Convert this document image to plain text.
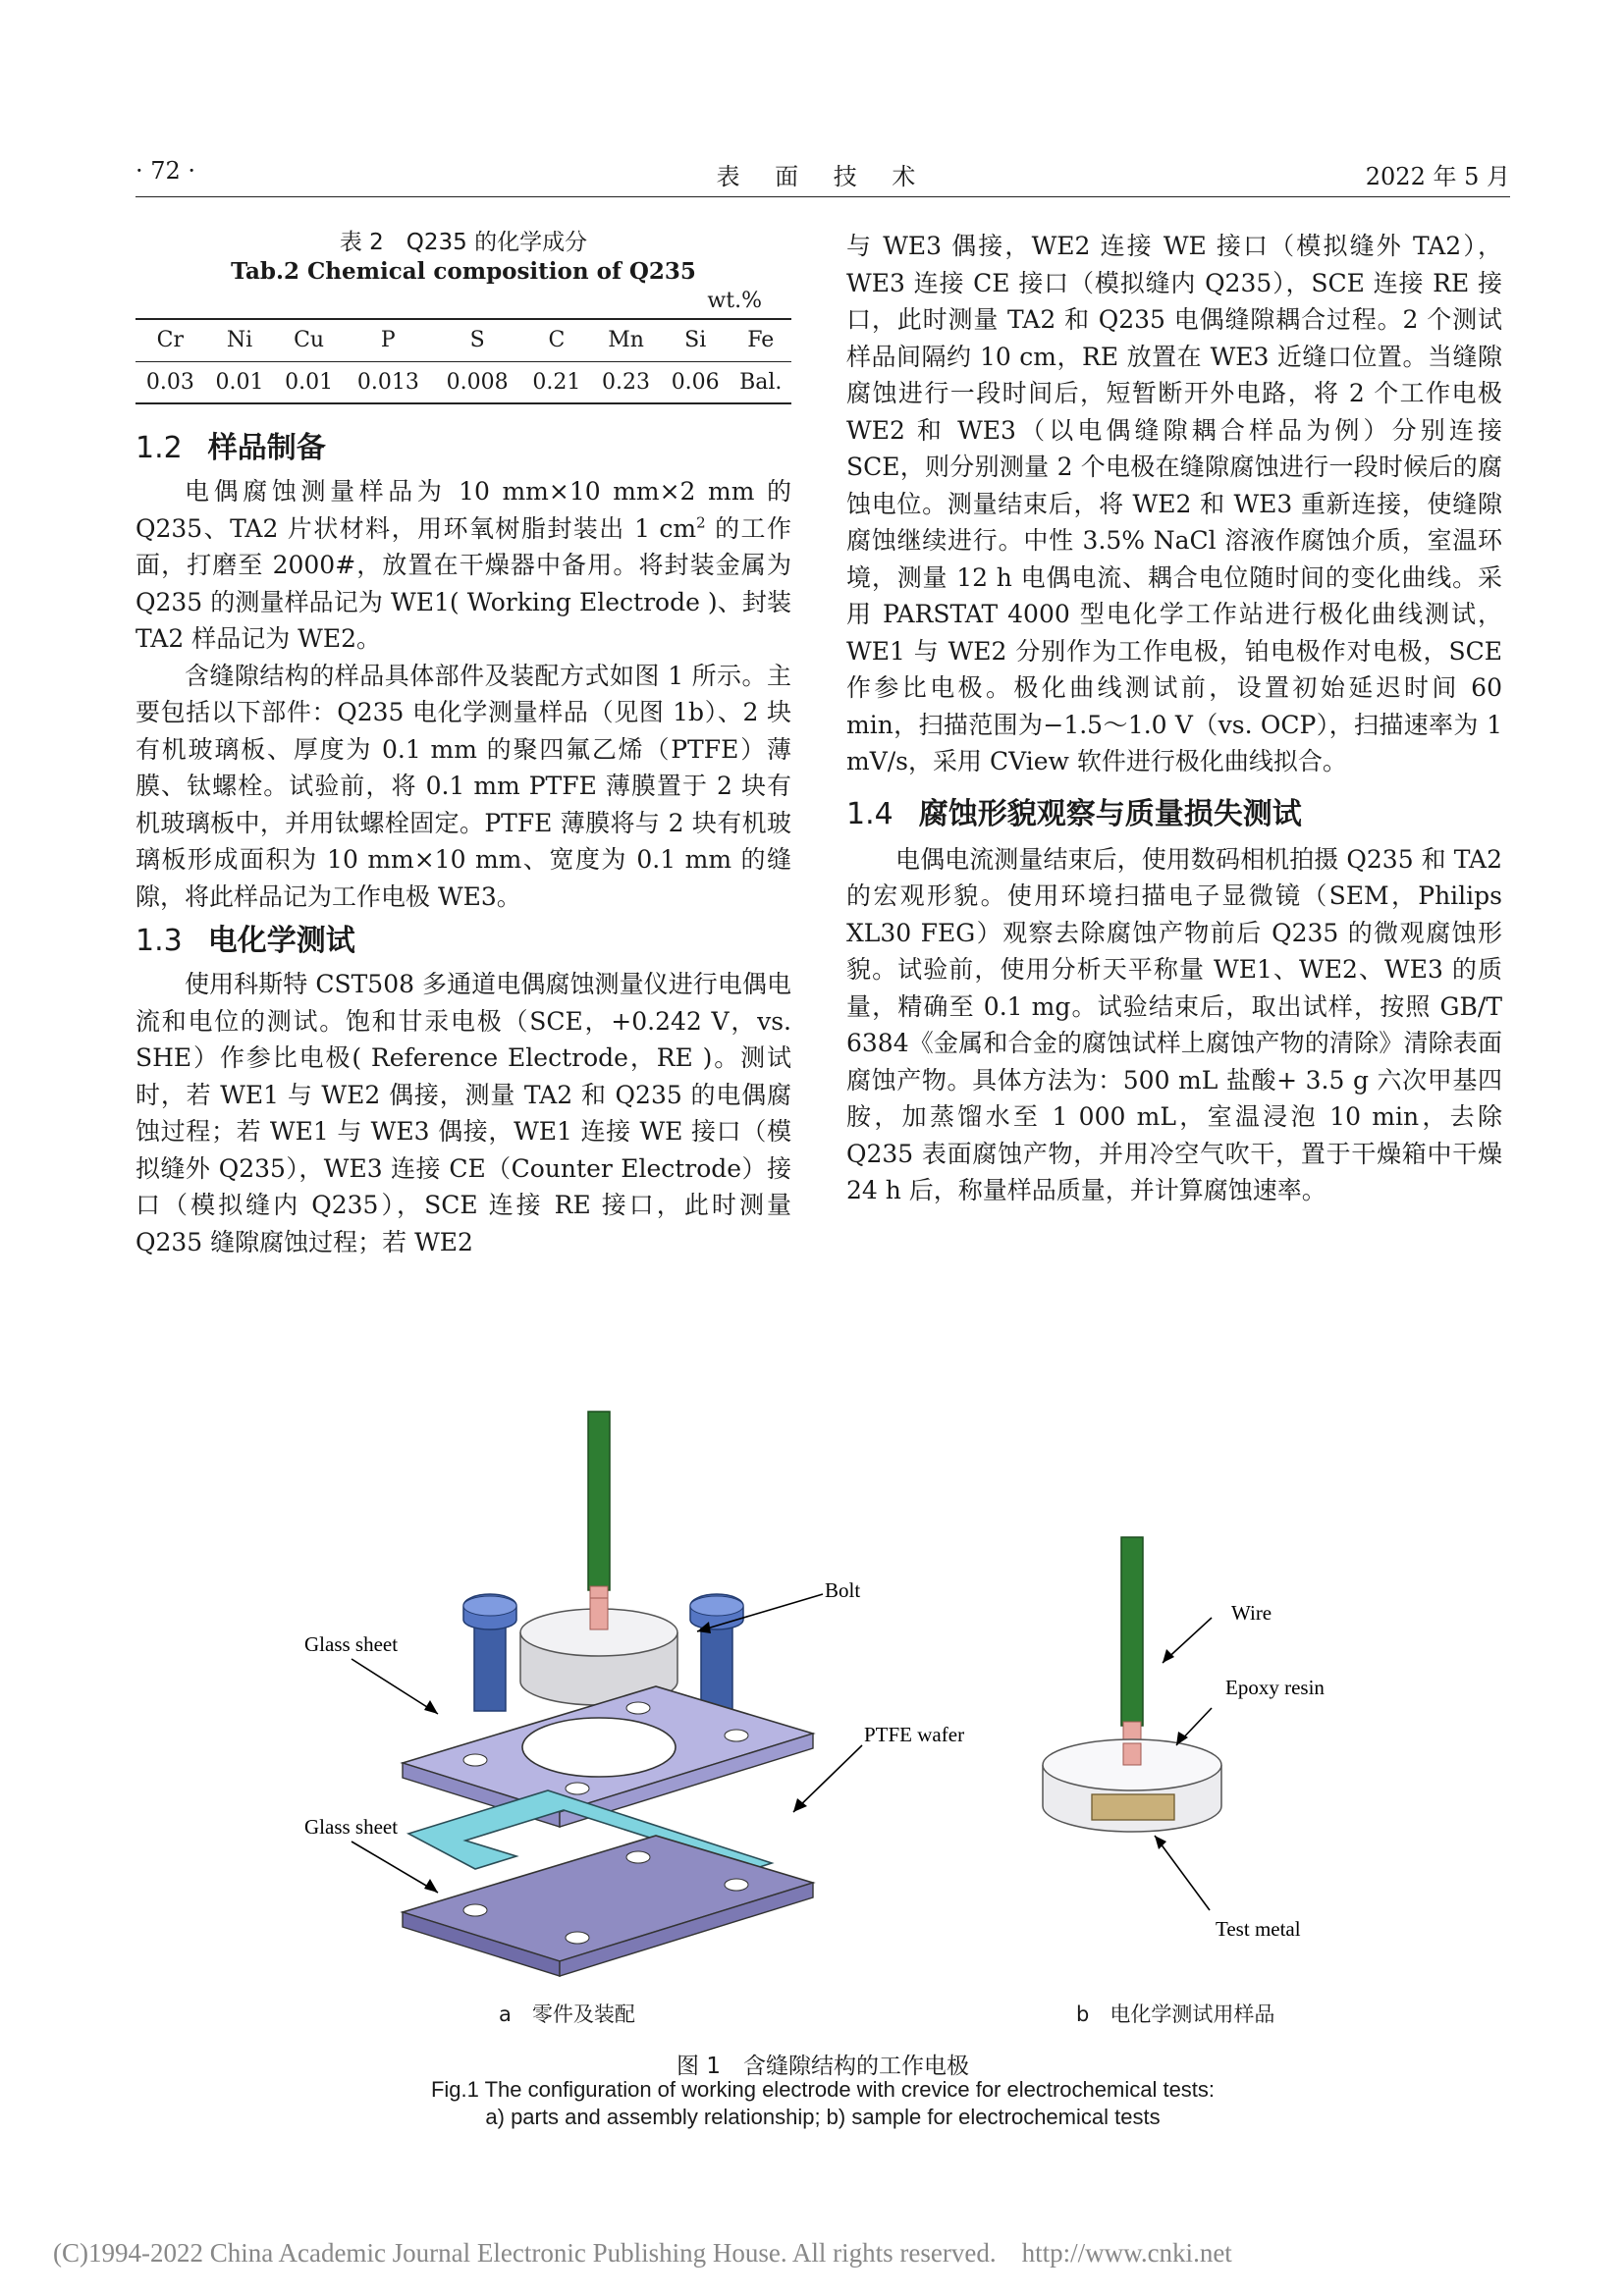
· 72 ·	表 面 技 术	2022 年 5 月
表 2　Q235 的化学成分
Tab.2 Chemical composition of Q235
wt.%
Cr	Ni	Cu	P	S	C	Mn	Si	Fe
0.03	0.01	0.01	0.013	0.008	0.21	0.23	0.06	Bal.
1.2 样品制备

电偶腐蚀测量样品为 10 mm×10 mm×2 mm 的 Q235、TA2 片状材料，用环氧树脂封装出 1 $cm^2$ 的工作面，打磨至 2000#，放置在干燥器中备用。将封装金属为 Q235 的测量样品记为 WE1( Working Electrode )、封装 TA2 样品记为 WE2。

含缝隙结构的样品具体部件及装配方式如图 1 所示。主要包括以下部件：Q235 电化学测量样品（见图 1b）、2 块有机玻璃板、厚度为 0.1 mm 的聚四氟乙烯（PTFE）薄膜、钛螺栓。试验前，将 0.1 mm PTFE 薄膜置于 2 块有机玻璃板中，并用钛螺栓固定。PTFE 薄膜将与 2 块有机玻璃板形成面积为 10 mm×10 mm、宽度为 0.1 mm 的缝隙，将此样品记为工作电极 WE3。

1.3 电化学测试

使用科斯特 CST508 多通道电偶腐蚀测量仪进行电偶电流和电位的测试。饱和甘汞电极（SCE，+0.242 V，vs. SHE）作参比电极( Reference Electrode，RE )。测试时，若 WE1 与 WE2 偶接，测量 TA2 和 Q235 的电偶腐蚀过程；若 WE1 与 WE3 偶接，WE1 连接 WE 接口（模拟缝外 Q235），WE3 连接 CE（Counter Electrode）接口（模拟缝内 Q235），SCE 连接 RE 接口，此时测量 Q235 缝隙腐蚀过程；若 WE2

与 WE3 偶接，WE2 连接 WE 接口（模拟缝外 TA2），WE3 连接 CE 接口（模拟缝内 Q235），SCE 连接 RE 接口，此时测量 TA2 和 Q235 电偶缝隙耦合过程。2 个测试样品间隔约 10 cm，RE 放置在 WE3 近缝口位置。当缝隙腐蚀进行一段时间后，短暂断开外电路，将 2 个工作电极 WE2 和 WE3（以电偶缝隙耦合样品为例）分别连接 SCE，则分别测量 2 个电极在缝隙腐蚀进行一段时候后的腐蚀电位。测量结束后，将 WE2 和 WE3 重新连接，使缝隙腐蚀继续进行。中性 3.5% NaCl 溶液作腐蚀介质，室温环境，测量 12 h 电偶电流、耦合电位随时间的变化曲线。采用 PARSTAT 4000 型电化学工作站进行极化曲线测试，WE1 与 WE2 分别作为工作电极，铂电极作对电极，SCE 作参比电极。极化曲线测试前，设置初始延迟时间 60 min，扫描范围为−1.5～1.0 V（vs. OCP），扫描速率为 1 mV/s，采用 CView 软件进行极化曲线拟合。

1.4 腐蚀形貌观察与质量损失测试

电偶电流测量结束后，使用数码相机拍摄 Q235 和 TA2 的宏观形貌。使用环境扫描电子显微镜（SEM，Philips XL30 FEG）观察去除腐蚀产物前后 Q235 的微观腐蚀形貌。试验前，使用分析天平称量 WE1、WE2、WE3 的质量，精确至 0.1 mg。试验结束后，取出试样，按照 GB/T 6384《金属和合金的腐蚀试样上腐蚀产物的清除》清除表面腐蚀产物。具体方法为：500 mL 盐酸+ 3.5 g 六次甲基四胺，加蒸馏水至 1 000 mL，室温浸泡 10 min，去除 Q235 表面腐蚀产物，并用冷空气吹干，置于干燥箱中干燥 24 h 后，称量样品质量，并计算腐蚀速率。

Bolt
Glass sheet
PTFE wafer
Glass sheet
Wire
Epoxy resin
Test metal
a　零件及装配	b　电化学测试用样品
图 1　含缝隙结构的工作电极
Fig.1 The configuration of working electrode with crevice for electrochemical tests:
a) parts and assembly relationship; b) sample for electrochemical tests
(C)1994-2022 China Academic Journal Electronic Publishing House. All rights reserved. http://www.cnki.net
